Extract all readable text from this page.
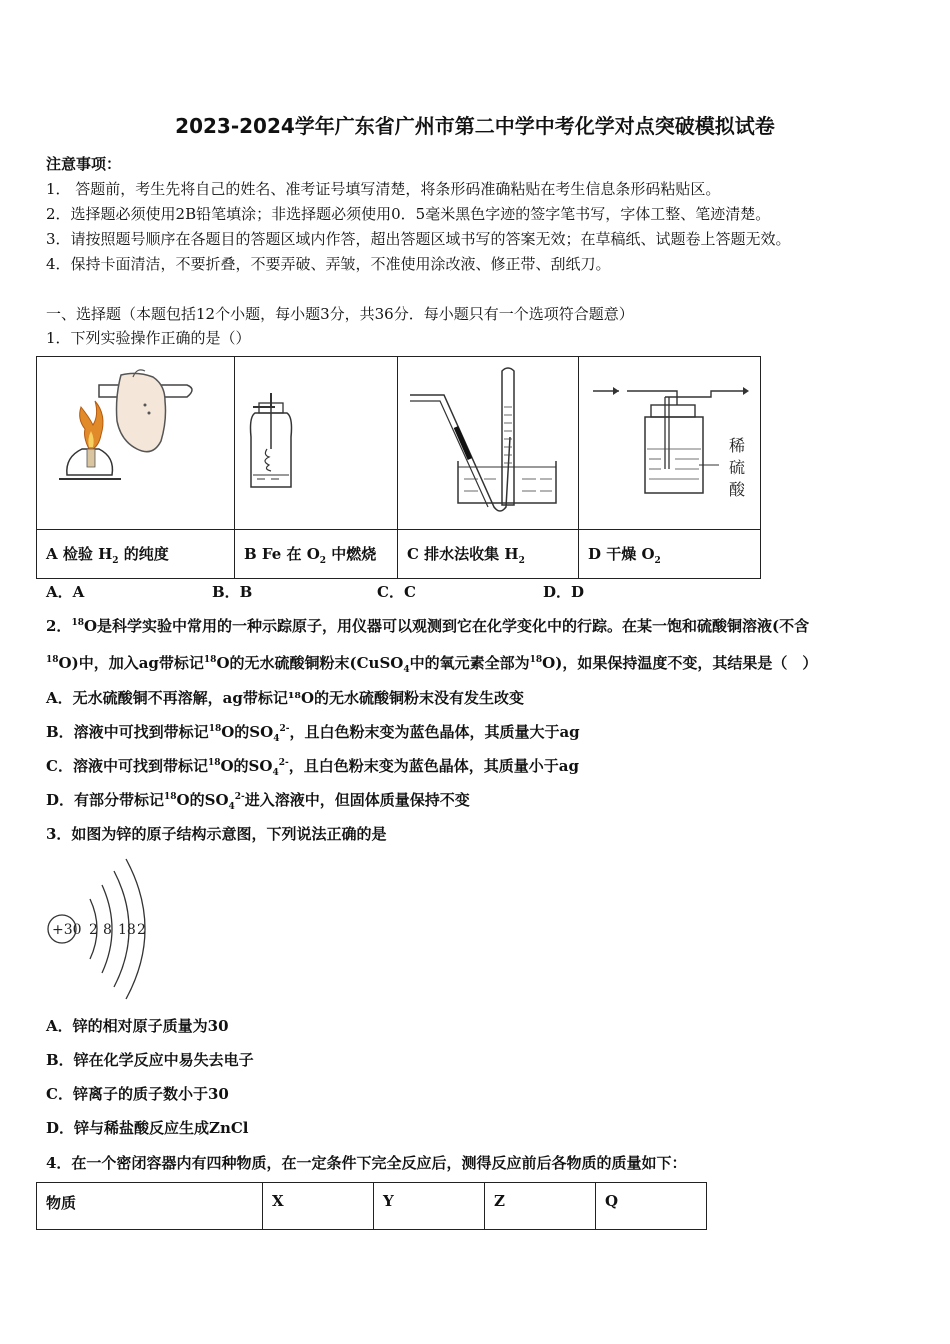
2023-2024学年广东省广州市第二中学中考化学对点突破模拟试卷
注意事项：
1． 答题前，考生先将自己的姓名、准考证号填写清楚，将条形码准确粘贴在考生信息条形码粘贴区。
2．选择题必须使用2B铅笔填涂；非选择题必须使用0．5毫米黑色字迹的签字笔书写，字体工整、笔迹清楚。
3．请按照题号顺序在各题目的答题区域内作答，超出答题区域书写的答案无效；在草稿纸、试题卷上答题无效。
4．保持卡面清洁，不要折叠，不要弄破、弄皱，不准使用涂改液、修正带、刮纸刀。
一、选择题（本题包括12个小题，每小题3分，共36分．每小题只有一个选项符合题意）
1．下列实验操作正确的是（）

稀
硫
酸

A 检验 $H_2$ 的纯度	B Fe 在 $O_2$ 中燃烧	C 排水法收集 $H_2$	D 干燥 $O_2$
A．A	B．B	C．C	D．D
2．$^{18}$O是科学实验中常用的一种示踪原子，用仪器可以观测到它在化学变化中的行踪。在某一饱和硫酸铜溶液(不含
$^{18}$O)中，加入ag带标记$^{18}$O的无水硫酸铜粉末(CuSO$_4$中的氧元素全部为$^{18}$O)，如果保持温度不变，其结果是（　）
A．无水硫酸铜不再溶解，ag带标记¹⁸O的无水硫酸铜粉末没有发生改变
B．溶液中可找到带标记$^{18}$O的$SO_4^{2-}$，且白色粉末变为蓝色晶体，其质量大于ag
C．溶液中可找到带标记$^{18}$O的$SO_4^{2-}$，且白色粉末变为蓝色晶体，其质量小于ag
D．有部分带标记$^{18}$O的$SO_4^{2-}$进入溶液中，但固体质量保持不变
3．如图为锌的原子结构示意图，下列说法正确的是
+30 2 8 18 2
A．锌的相对原子质量为30
B．锌在化学反应中易失去电子
C．锌离子的质子数小于30
D．锌与稀盐酸反应生成ZnCl
4．在一个密闭容器内有四种物质，在一定条件下完全反应后，测得反应前后各物质的质量如下：
物质	X	Y	Z	Q
